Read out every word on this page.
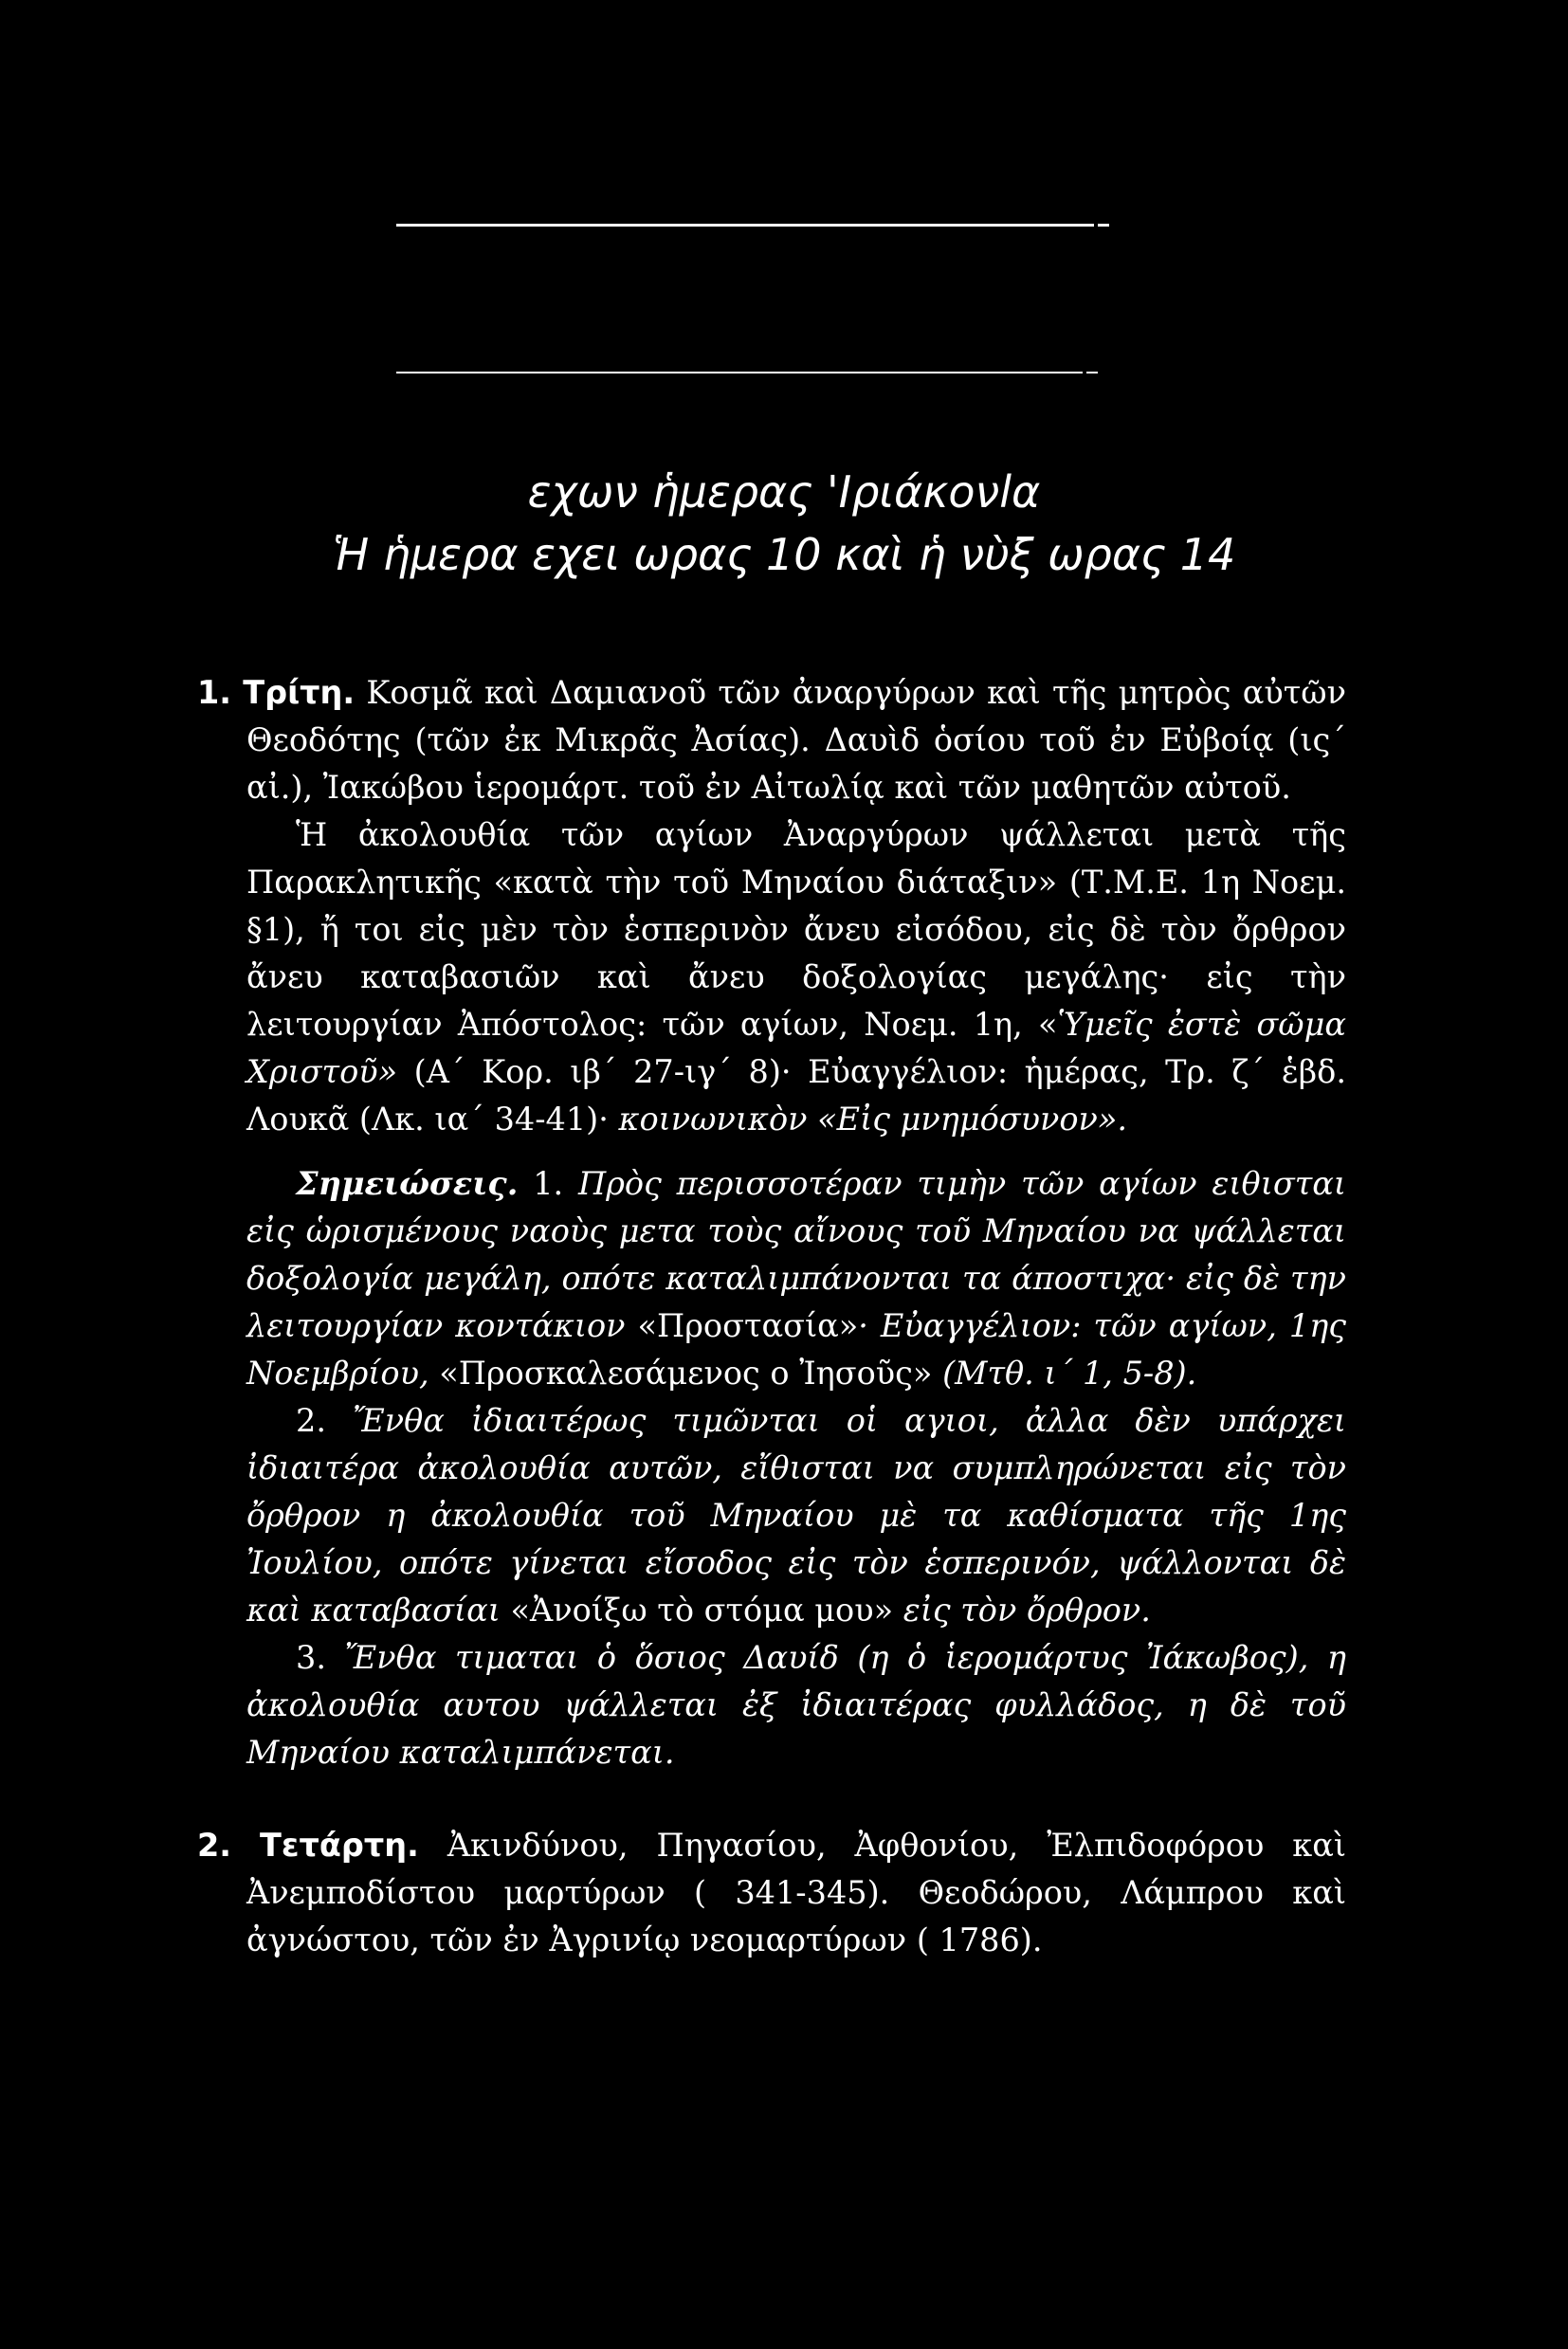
εχων ἡμερας 'Ιριάκονlα
Ἡ ἡμερα εχει ωρας 10 καὶ ἡ νὺξ ωρας 14

1. Τρίτη. Κοσμᾶ καὶ Δαμιανοῦ τῶν ἀναργύρων καὶ τῆς μητρὸς αὐτῶν Θεοδότης (τῶν ἐκ Μικρᾶς Ἀσίας). Δαυὶδ ὁσίου τοῦ ἐν Εὐβοίᾳ (ις΄ αἰ.), Ἰακώβου ἱερομάρτ. τοῦ ἐν Αἰτωλίᾳ καὶ τῶν μαθητῶν αὐτοῦ.

Ἡ ἀκολουθία τῶν αγίων Ἀναργύρων ψάλλεται μετὰ τῆς Παρακλητικῆς «κατὰ τὴν τοῦ Μηναίου διάταξιν» (Τ.Μ.Ε. 1η Νοεμ. §1), ἤ τοι εἰς μὲν τὸν ἑσπερινὸν ἄνευ εἰσόδου, εἰς δὲ τὸν ὄρθρον ἄνευ καταβασιῶν καὶ ἄνευ δοξολογίας μεγάλης· εἰς τὴν λειτουργίαν Ἀπόστολος: τῶν αγίων, Νοεμ. 1η, «Ὑμεῖς ἐστὲ σῶμα Χριστοῦ» (Α΄ Κορ. ιβ΄ 27-ιγ΄ 8)· Εὐαγγέλιον: ἡμέρας, Τρ. ζ΄ ἑβδ. Λουκᾶ (Λκ. ια΄ 34-41)· κοινωνικὸν «Εἰς μνημόσυνον».

Σημειώσεις. 1. Πρὸς περισσοτέραν τιμὴν τῶν αγίων ειθισται εἰς ὡρισμένους ναοὺς μετα τοὺς αἴνους τοῦ Μηναίου να ψάλλεται δοξολογία μεγάλη, οπότε καταλιμπάνονται τα άποστιχα· εἰς δὲ την λειτουργίαν κοντάκιον «Προστασία»· Εὐαγγέλιον: τῶν αγίων, 1ης Νοεμβρίου, «Προσκαλεσάμενος ο Ἰησοῦς» (Μτθ. ι΄ 1, 5-8).

2. Ἔνθα ἰδιαιτέρως τιμῶνται οἱ αγιοι, ἀλλα δὲν υπάρχει ἰδιαιτέρα ἀκολουθία αυτῶν, εἴθισται να συμπληρώνεται εἰς τὸν ὄρθρον η ἀκολουθία τοῦ Μηναίου μὲ τα καθίσματα τῆς 1ης Ἰουλίου, οπότε γίνεται εἴσοδος εἰς τὸν ἑσπερινόν, ψάλλονται δὲ καὶ καταβασίαι «Ἀνοίξω τὸ στόμα μου» εἰς τὸν ὄρθρον.

3. Ἔνθα τιμαται ὁ ὅσιος Δαυίδ (η ὁ ἱερομάρτυς Ἰάκωβος), η ἀκολουθία αυτου ψάλλεται ἐξ ἰδιαιτέρας φυλλάδος, η δὲ τοῦ Μηναίου καταλιμπάνεται.

2. Τετάρτη. Ἀκινδύνου, Πηγασίου, Ἀφθονίου, Ἐλπιδοφόρου καὶ Ἀνεμποδίστου μαρτύρων ( 341-345). Θεοδώρου, Λάμπρου καὶ ἀγνώστου, τῶν ἐν Ἀγρινίῳ νεομαρτύρων ( 1786).
